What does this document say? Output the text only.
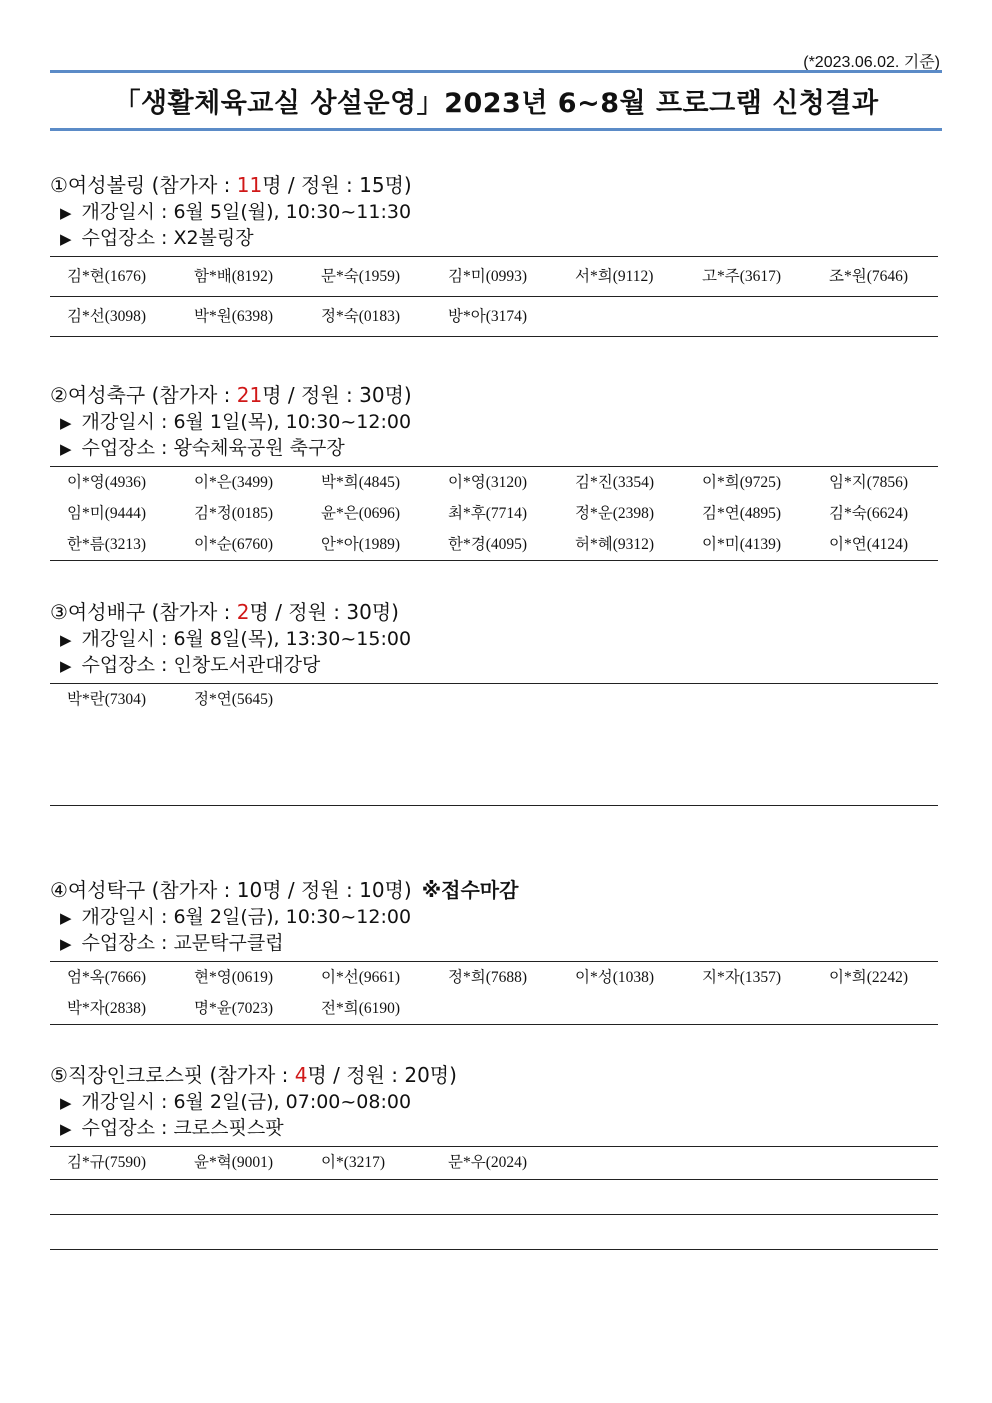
(*2023.06.02. 기준)
「생활체육교실 상설운영」2023년 6~8월 프로그램 신청결과
①여성볼링 (참가자 : 11명 / 정원 : 15명)
▶ 개강일시 : 6월 5일(월), 10:30~11:30
▶ 수업장소 : X2볼링장
김*현(1676)	함*배(8192)	문*숙(1959)	김*미(0993)	서*희(9112)	고*주(3617)	조*원(7646)
김*선(3098)	박*원(6398)	정*숙(0183)	방*아(3174)
②여성축구 (참가자 : 21명 / 정원 : 30명)
▶ 개강일시 : 6월 1일(목), 10:30~12:00
▶ 수업장소 : 왕숙체육공원 축구장
이*영(4936)	이*은(3499)	박*희(4845)	이*영(3120)	김*진(3354)	이*희(9725)	임*지(7856)
임*미(9444)	김*정(0185)	윤*은(0696)	최*후(7714)	정*운(2398)	김*연(4895)	김*숙(6624)
한*름(3213)	이*순(6760)	안*아(1989)	한*경(4095)	허*혜(9312)	이*미(4139)	이*연(4124)
③여성배구 (참가자 : 2명 / 정원 : 30명)
▶ 개강일시 : 6월 8일(목), 13:30~15:00
▶ 수업장소 : 인창도서관대강당
박*란(7304)	정*연(5645)
④여성탁구 (참가자 : 10명 / 정원 : 10명) ※접수마감
▶ 개강일시 : 6월 2일(금), 10:30~12:00
▶ 수업장소 : 교문탁구클럽
엄*옥(7666)	현*영(0619)	이*선(9661)	정*희(7688)	이*성(1038)	지*자(1357)	이*희(2242)
박*자(2838)	명*윤(7023)	전*희(6190)
⑤직장인크로스핏 (참가자 : 4명 / 정원 : 20명)
▶ 개강일시 : 6월 2일(금), 07:00~08:00
▶ 수업장소 : 크로스핏스팟
김*규(7590)	윤*혁(9001)	이*(3217)	문*우(2024)
